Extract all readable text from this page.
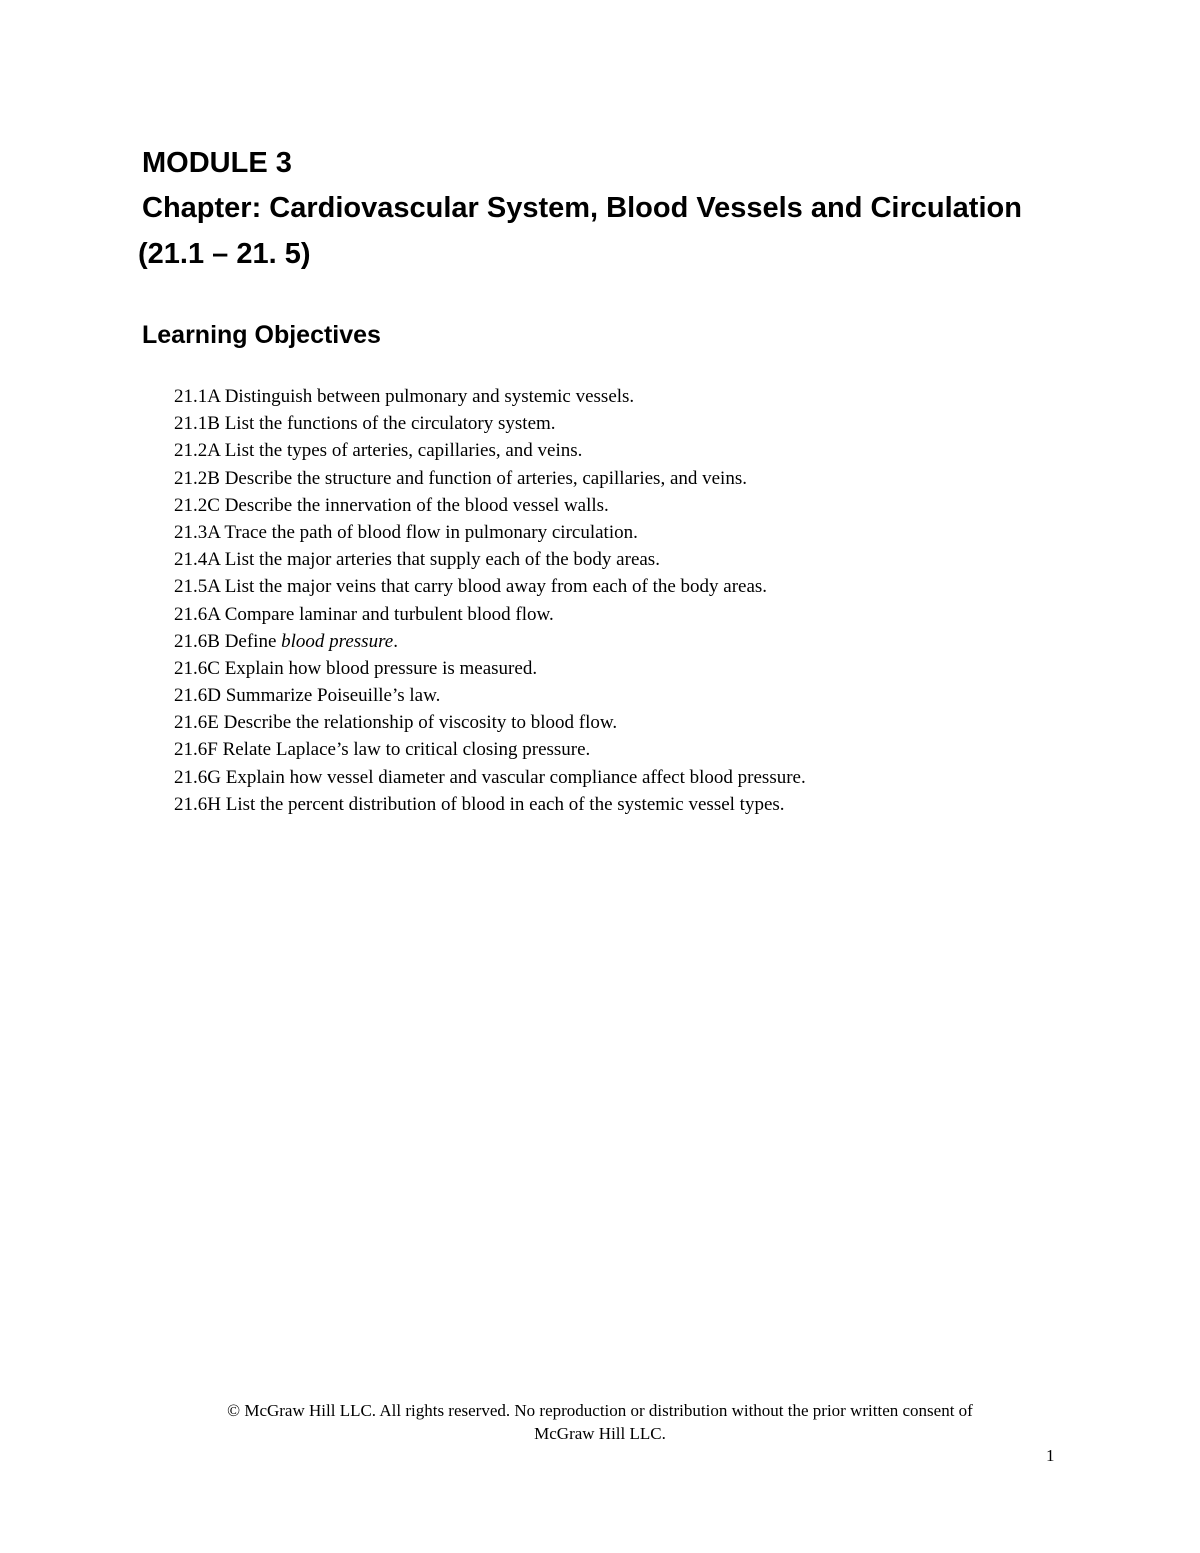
MODULE 3
Chapter: Cardiovascular System, Blood Vessels and Circulation
(21.1 – 21. 5)
Learning Objectives
21.1A Distinguish between pulmonary and systemic vessels.
21.1B List the functions of the circulatory system.
21.2A List the types of arteries, capillaries, and veins.
21.2B Describe the structure and function of arteries, capillaries, and veins.
21.2C Describe the innervation of the blood vessel walls.
21.3A Trace the path of blood flow in pulmonary circulation.
21.4A List the major arteries that supply each of the body areas.
21.5A List the major veins that carry blood away from each of the body areas.
21.6A Compare laminar and turbulent blood flow.
21.6B Define blood pressure.
21.6C Explain how blood pressure is measured.
21.6D Summarize Poiseuille’s law.
21.6E Describe the relationship of viscosity to blood flow.
21.6F Relate Laplace’s law to critical closing pressure.
21.6G Explain how vessel diameter and vascular compliance affect blood pressure.
21.6H List the percent distribution of blood in each of the systemic vessel types.
© McGraw Hill LLC. All rights reserved. No reproduction or distribution without the prior written consent of
McGraw Hill LLC.
1
